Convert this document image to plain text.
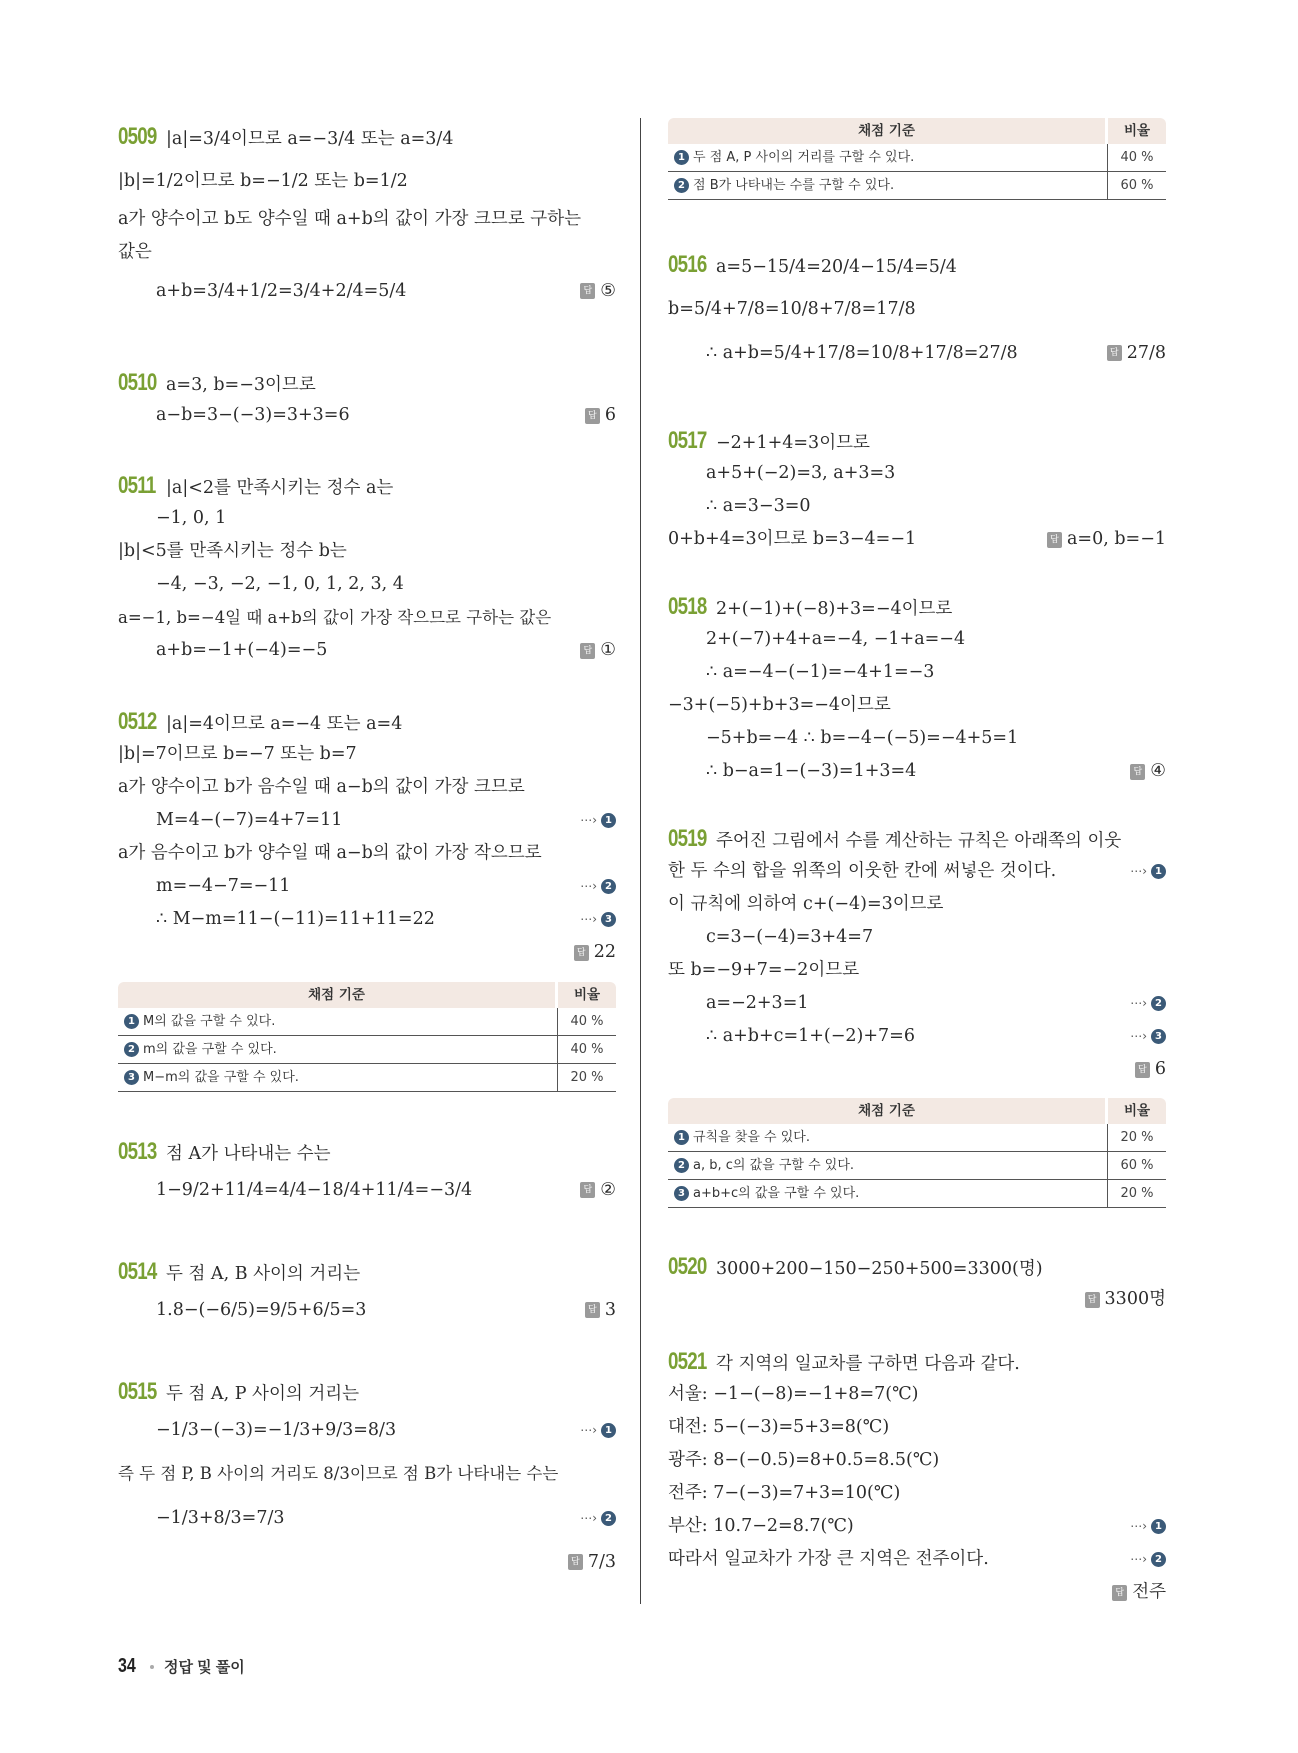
0509 |a|=3/4이므로 a=−3/4 또는 a=3/4
|b|=1/2이므로 b=−1/2 또는 b=1/2
a가 양수이고 b도 양수일 때 a+b의 값이 가장 크므로 구하는
값은
a+b=3/4+1/2=3/4+2/4=5/4	답 ⑤
0510 a=3, b=−3이므로
a−b=3−(−3)=3+3=6	답 6
0511 |a|<2를 만족시키는 정수 a는
−1, 0, 1
|b|<5를 만족시키는 정수 b는
−4, −3, −2, −1, 0, 1, 2, 3, 4
a=−1, b=−4일 때 a+b의 값이 가장 작으므로 구하는 값은
a+b=−1+(−4)=−5	답 ①
0512 |a|=4이므로 a=−4 또는 a=4
|b|=7이므로 b=−7 또는 b=7
a가 양수이고 b가 음수일 때 a−b의 값이 가장 크므로
M=4−(−7)=4+7=11	⋯› 1
a가 음수이고 b가 양수일 때 a−b의 값이 가장 작으므로
m=−4−7=−11	⋯› 2
∴ M−m=11−(−11)=11+11=22	⋯› 3
답 22
채점 기준	비율
1 M의 값을 구할 수 있다.	40 %
2 m의 값을 구할 수 있다.	40 %
3 M−m의 값을 구할 수 있다.	20 %
0513 점 A가 나타내는 수는
1−9/2+11/4=4/4−18/4+11/4=−3/4	답 ②
0514 두 점 A, B 사이의 거리는
1.8−(−6/5)=9/5+6/5=3	답 3
0515 두 점 A, P 사이의 거리는
−1/3−(−3)=−1/3+9/3=8/3	⋯› 1
즉 두 점 P, B 사이의 거리도 8/3이므로 점 B가 나타내는 수는
−1/3+8/3=7/3	⋯› 2
답 7/3
채점 기준	비율
1 두 점 A, P 사이의 거리를 구할 수 있다.	40 %
2 점 B가 나타내는 수를 구할 수 있다.	60 %
0516 a=5−15/4=20/4−15/4=5/4
b=5/4+7/8=10/8+7/8=17/8
∴ a+b=5/4+17/8=10/8+17/8=27/8	답 27/8
0517 −2+1+4=3이므로
a+5+(−2)=3, a+3=3
∴ a=3−3=0
0+b+4=3이므로 b=3−4=−1	답 a=0, b=−1
0518 2+(−1)+(−8)+3=−4이므로
2+(−7)+4+a=−4, −1+a=−4
∴ a=−4−(−1)=−4+1=−3
−3+(−5)+b+3=−4이므로
−5+b=−4 ∴ b=−4−(−5)=−4+5=1
∴ b−a=1−(−3)=1+3=4	답 ④
0519 주어진 그림에서 수를 계산하는 규칙은 아래쪽의 이웃
한 두 수의 합을 위쪽의 이웃한 칸에 써넣은 것이다.	⋯› 1
이 규칙에 의하여 c+(−4)=3이므로
c=3−(−4)=3+4=7
또 b=−9+7=−2이므로
a=−2+3=1	⋯› 2
∴ a+b+c=1+(−2)+7=6	⋯› 3
답 6
채점 기준	비율
1 규칙을 찾을 수 있다.	20 %
2 a, b, c의 값을 구할 수 있다.	60 %
3 a+b+c의 값을 구할 수 있다.	20 %
0520 3000+200−150−250+500=3300(명)
답 3300명
0521 각 지역의 일교차를 구하면 다음과 같다.
서울: −1−(−8)=−1+8=7(℃)
대전: 5−(−3)=5+3=8(℃)
광주: 8−(−0.5)=8+0.5=8.5(℃)
전주: 7−(−3)=7+3=10(℃)
부산: 10.7−2=8.7(℃)	⋯› 1
따라서 일교차가 가장 큰 지역은 전주이다.	⋯› 2
답 전주
34 정답 및 풀이
